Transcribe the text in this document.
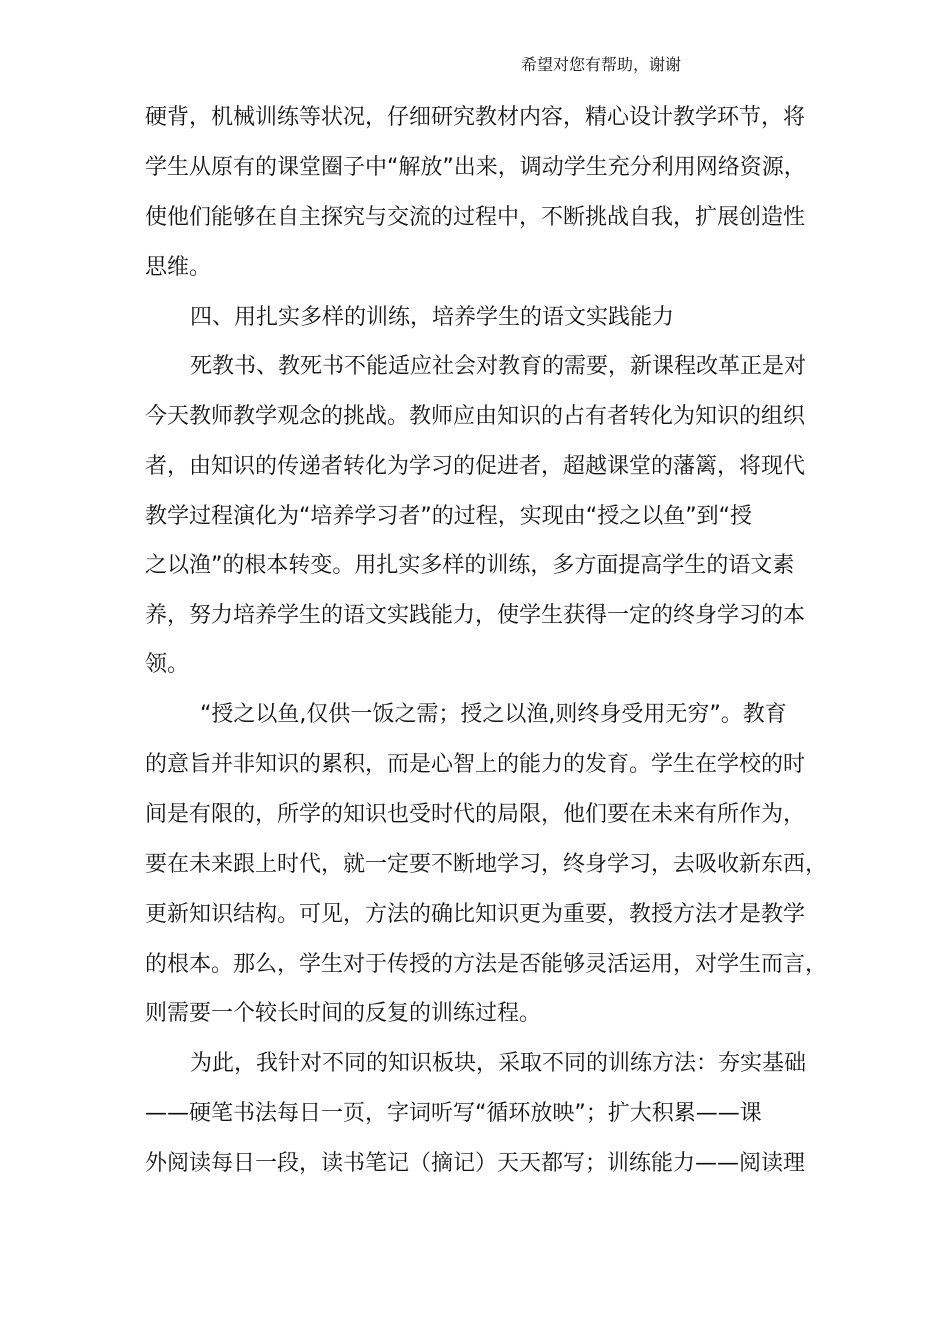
希望对您有帮助，谢谢
硬背，机械训练等状况，仔细研究教材内容，精心设计教学环节，将
学生从原有的课堂圈子中“解放”出来，调动学生充分利用网络资源，
使他们能够在自主探究与交流的过程中，不断挑战自我，扩展创造性
思维。
四、用扎实多样的训练，培养学生的语文实践能力
死教书、教死书不能适应社会对教育的需要，新课程改革正是对
今天教师教学观念的挑战。教师应由知识的占有者转化为知识的组织
者，由知识的传递者转化为学习的促进者，超越课堂的藩篱，将现代
教学过程演化为“培养学习者”的过程，实现由“授之以鱼”到“授
之以渔”的根本转变。用扎实多样的训练，多方面提高学生的语文素
养，努力培养学生的语文实践能力，使学生获得一定的终身学习的本
领。
“授之以鱼,仅供一饭之需；授之以渔,则终身受用无穷”。教育
的意旨并非知识的累积，而是心智上的能力的发育。学生在学校的时
间是有限的，所学的知识也受时代的局限，他们要在未来有所作为，
要在未来跟上时代，就一定要不断地学习，终身学习，去吸收新东西，
更新知识结构。可见，方法的确比知识更为重要，教授方法才是教学
的根本。那么，学生对于传授的方法是否能够灵活运用，对学生而言，
则需要一个较长时间的反复的训练过程。
为此，我针对不同的知识板块，采取不同的训练方法：夯实基础
——硬笔书法每日一页，字词听写“循环放映”；扩大积累——课
外阅读每日一段，读书笔记（摘记）天天都写；训练能力——阅读理
